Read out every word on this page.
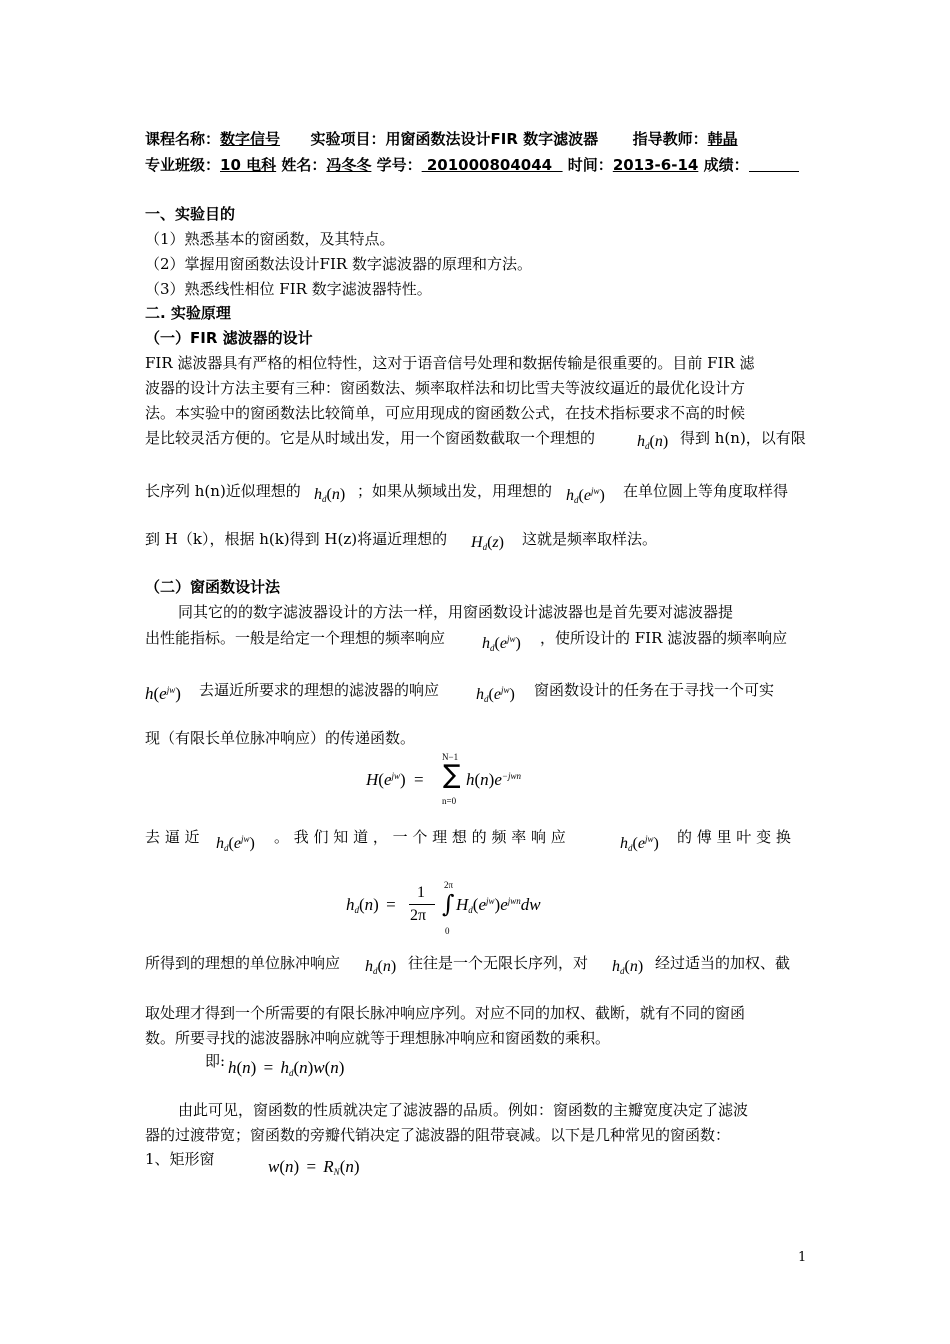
课程名称：数字信号 实验项目：用窗函数法设计FIR 数字滤波器 指导教师：韩晶
专业班级：10 电科 姓名：冯冬冬 学号： 201000804044   时间：2013-6-14 成绩：
一、实验目的
（1）熟悉基本的窗函数，及其特点。
（2）掌握用窗函数法设计FIR 数字滤波器的原理和方法。
（3）熟悉线性相位 FIR 数字滤波器特性。
二. 实验原理
（一）FIR 滤波器的设计
FIR 滤波器具有严格的相位特性，这对于语音信号处理和数据传输是很重要的。目前 FIR 滤
波器的设计方法主要有三种：窗函数法、频率取样法和切比雪夫等波纹逼近的最优化设计方
法。本实验中的窗函数法比较简单，可应用现成的窗函数公式，在技术指标要求不高的时候
是比较灵活方便的。它是从时域出发，用一个窗函数截取一个理想的	$h_d(n)$ 得到 h(n)，以有限
长序列 h(n)近似理想的 $h_d(n)$ ；如果从频域出发，用理想的 $h_d(e^{jw})$ 在单位圆上等角度取样得
到 H（k），根据 h(k)得到 H(z)将逼近理想的 $H_d(z)$ 这就是频率取样法。
（二）窗函数设计法
同其它的的数字滤波器设计的方法一样，用窗函数设计滤波器也是首先要对滤波器提
出性能指标。一般是给定一个理想的频率响应 $h_d(e^{jw})$ ，使所设计的 FIR 滤波器的频率响应
$h(e^{jw})$ 去逼近所要求的理想的滤波器的响应 $h_d(e^{jw})$ 窗函数设计的任务在于寻找一个可实
现（有限长单位脉冲响应）的传递函数。
$H(e^{jw})$ = ∑
N−1
n=0
$h(n)e^{-jwn}$
去 逼 近 $h_d(e^{jw})$ 。 我 们 知 道 ， 一 个 理 想 的 频 率 响 应	$h_d(e^{jw})$ 的 傅 里 叶 变 换
$h_d(n)$ =
1
2π ∫
2π
0
$H_d(e^{jw})e^{jwn}dw$
所得到的理想的单位脉冲响应 $h_d(n)$ 往往是一个无限长序列，对 $h_d(n)$ 经过适当的加权、截
取处理才得到一个所需要的有限长脉冲响应序列。对应不同的加权、截断，就有不同的窗函
数。所要寻找的滤波器脉冲响应就等于理想脉冲响应和窗函数的乘积。
即: $h(n) = h_d(n)w(n)$
由此可见，窗函数的性质就决定了滤波器的品质。例如：窗函数的主瓣宽度决定了滤波
器的过渡带宽；窗函数的旁瓣代销决定了滤波器的阻带衰减。以下是几种常见的窗函数：
1、矩形窗	$w(n) = R_N(n)$
1
